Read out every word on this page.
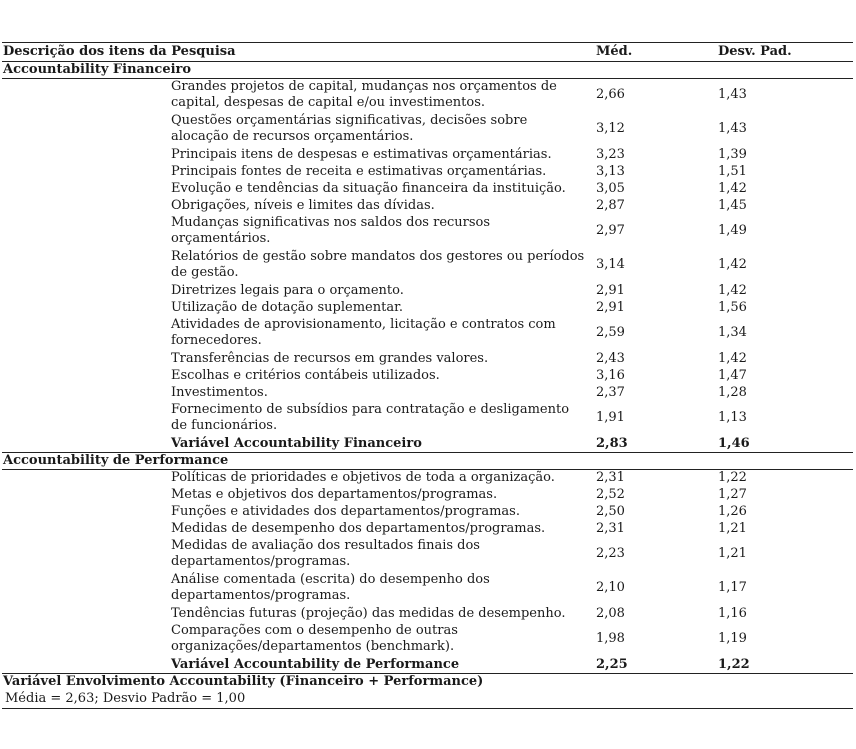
Descrição dos itens da Pesquisa	Méd.	Desv. Pad.
Accountability Financeiro
Grandes projetos de capital, mudanças nos orçamentos de
capital, despesas de capital e/ou investimentos.
2,66	1,43
Questões orçamentárias significativas, decisões sobre
alocação de recursos orçamentários.
3,12	1,43
Principais itens de despesas e estimativas orçamentárias.	3,23	1,39
Principais fontes de receita e estimativas orçamentárias.	3,13	1,51
Evolução e tendências da situação financeira da instituição. 3,05	1,42
Obrigações, níveis e limites das dívidas.	2,87	1,45
Mudanças significativas nos saldos dos recursos
orçamentários.
2,97	1,49
Relatórios de gestão sobre mandatos dos gestores ou períodos
de gestão.
3,14	1,42
Diretrizes legais para o orçamento.	2,91	1,42
Utilização de dotação suplementar.	2,91	1,56
Atividades de aprovisionamento, licitação e contratos com
fornecedores.
2,59	1,34
Transferências de recursos em grandes valores.	2,43	1,42
Escolhas e critérios contábeis utilizados.	3,16	1,47
Investimentos.	2,37	1,28
Fornecimento de subsídios para contratação e desligamento
de funcionários.
1,91	1,13
Variável Accountability Financeiro	2,83	1,46
Accountability de Performance
Políticas de prioridades e objetivos de toda a organização.	2,31	1,22
Metas e objetivos dos departamentos/programas.	2,52	1,27
Funções e atividades dos departamentos/programas.	2,50	1,26
Medidas de desempenho dos departamentos/programas.	2,31	1,21
Medidas de avaliação dos resultados finais dos
departamentos/programas.
2,23	1,21
Análise comentada (escrita) do desempenho dos
departamentos/programas.
2,10	1,17
Tendências futuras (projeção) das medidas de desempenho. 2,08	1,16
Comparações com o desempenho de outras
organizações/departamentos (benchmark).
1,98	1,19
Variável Accountability de Performance	2,25	1,22
Variável Envolvimento Accountability (Financeiro + Performance)
Média = 2,63; Desvio Padrão = 1,00
